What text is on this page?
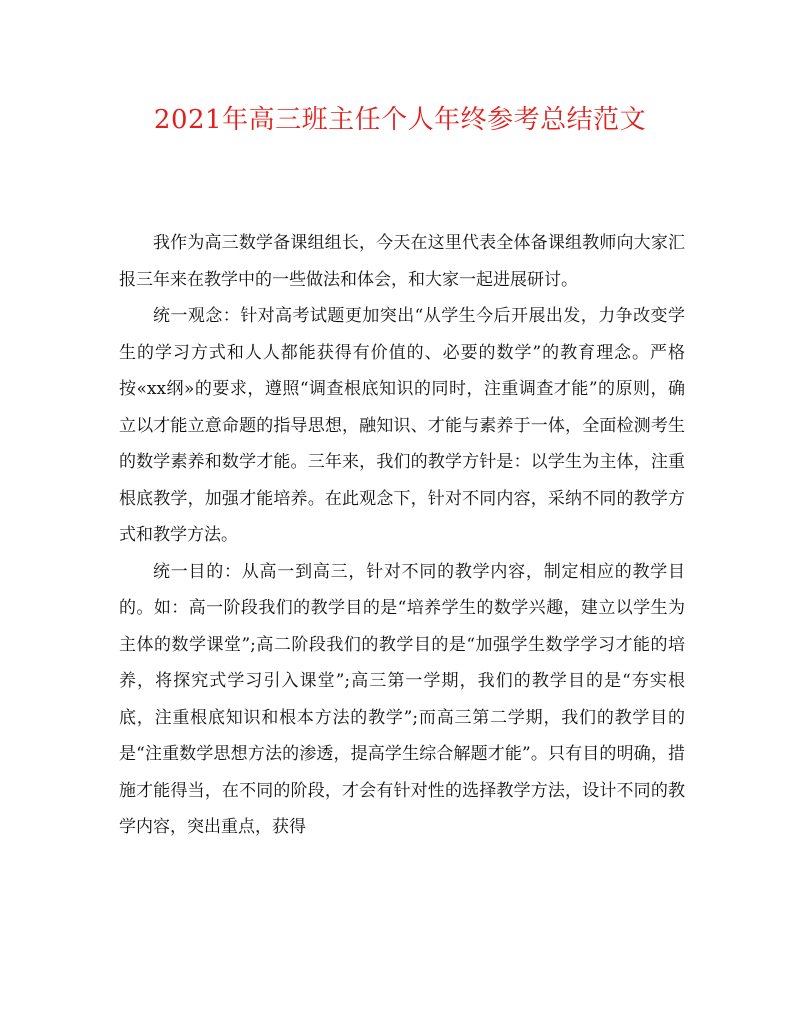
2021年高三班主任个人年终参考总结范文

我作为高三数学备课组组长，今天在这里代表全体备课组教师向大家汇报三年来在教学中的一些做法和体会，和大家一起进展研讨。

统一观念：针对高考试题更加突出“从学生今后开展出发，力争改变学生的学习方式和人人都能获得有价值的、必要的数学”的教育理念。严格按«xx纲»的要求，遵照“调查根底知识的同时，注重调查才能”的原则，确立以才能立意命题的指导思想，融知识、才能与素养于一体，全面检测考生的数学素养和数学才能。三年来，我们的教学方针是：以学生为主体，注重根底教学，加强才能培养。在此观念下，针对不同内容，采纳不同的教学方式和教学方法。

统一目的：从高一到高三，针对不同的教学内容，制定相应的教学目的。如：高一阶段我们的教学目的是“培养学生的数学兴趣，建立以学生为主体的数学课堂”;高二阶段我们的教学目的是“加强学生数学学习才能的培养，将探究式学习引入课堂”;高三第一学期，我们的教学目的是“夯实根底，注重根底知识和根本方法的教学”;而高三第二学期，我们的教学目的是“注重数学思想方法的渗透，提高学生综合解题才能”。只有目的明确，措施才能得当，在不同的阶段，才会有针对性的选择教学方法，设计不同的教学内容，突出重点，获得
